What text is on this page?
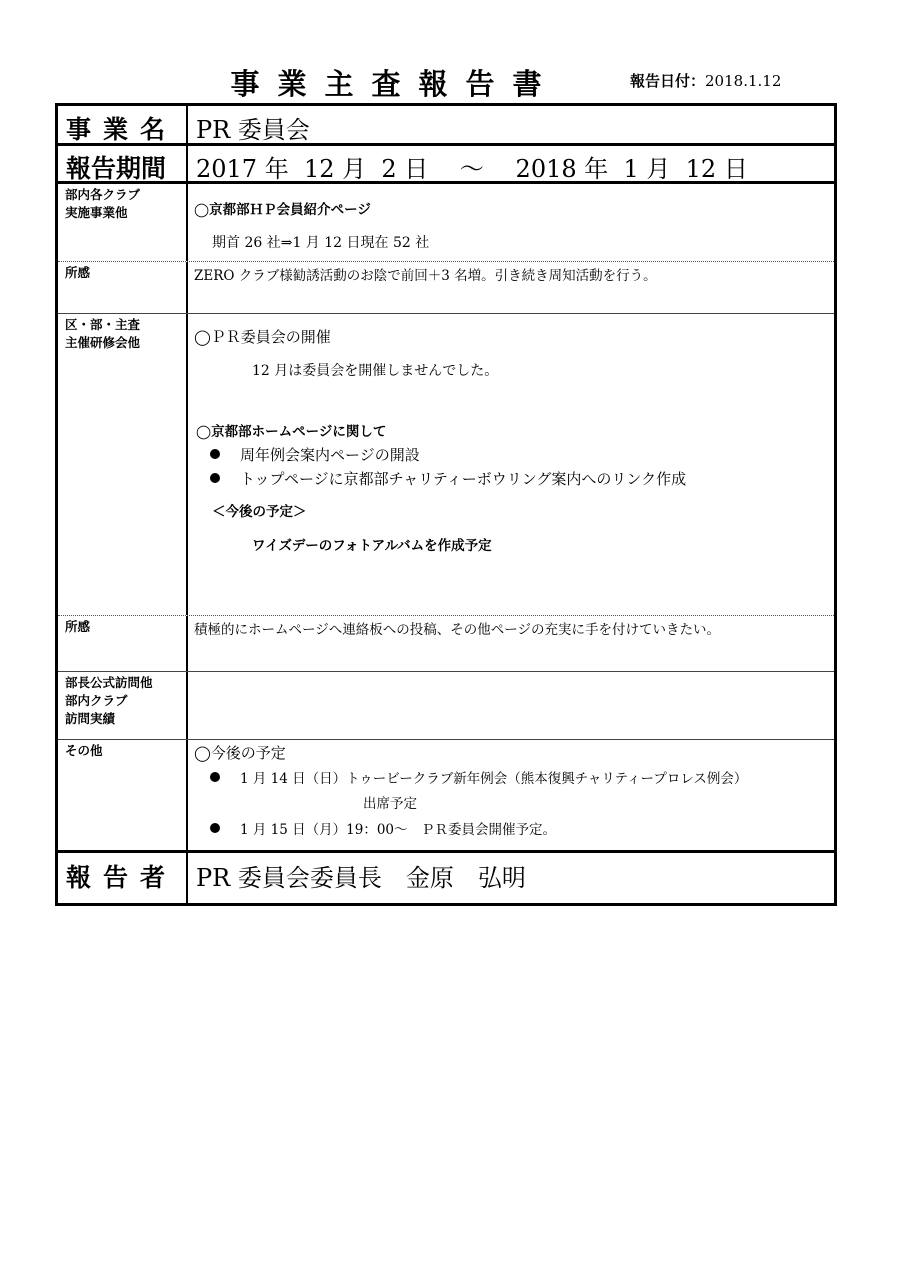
事業主査報告書	報告日付：2018.1.12
事業名 PR 委員会
報告期間	2017 年  12 月  2 日　 ～　 2018 年  1 月  12 日
部内各クラブ
実施事業他	◯京都部ＨＰ会員紹介ページ
期首 26 社⇒1 月 12 日現在 52 社
所感	ZERO クラブ様勧誘活動のお陰で前回＋3 名増。引き続き周知活動を行う。
区・部・主査
主催研修会他	◯ＰＲ委員会の開催
12 月は委員会を開催しませんでした。
◯京都部ホームページに関して
周年例会案内ページの開設
トップページに京都部チャリティーボウリング案内へのリンク作成
＜今後の予定＞
ワイズデーのフォトアルバムを作成予定
所感	積極的にホームページへ連絡板への投稿、その他ページの充実に手を付けていきたい。
部長公式訪問他
部内クラブ
訪問実績
その他	◯今後の予定
1 月 14 日（日）トゥービークラブ新年例会（熊本復興チャリティープロレス例会）
出席予定
1 月 15 日（月）19：00～　ＰＲ委員会開催予定。
報告者 PR 委員会委員長　金原　弘明
